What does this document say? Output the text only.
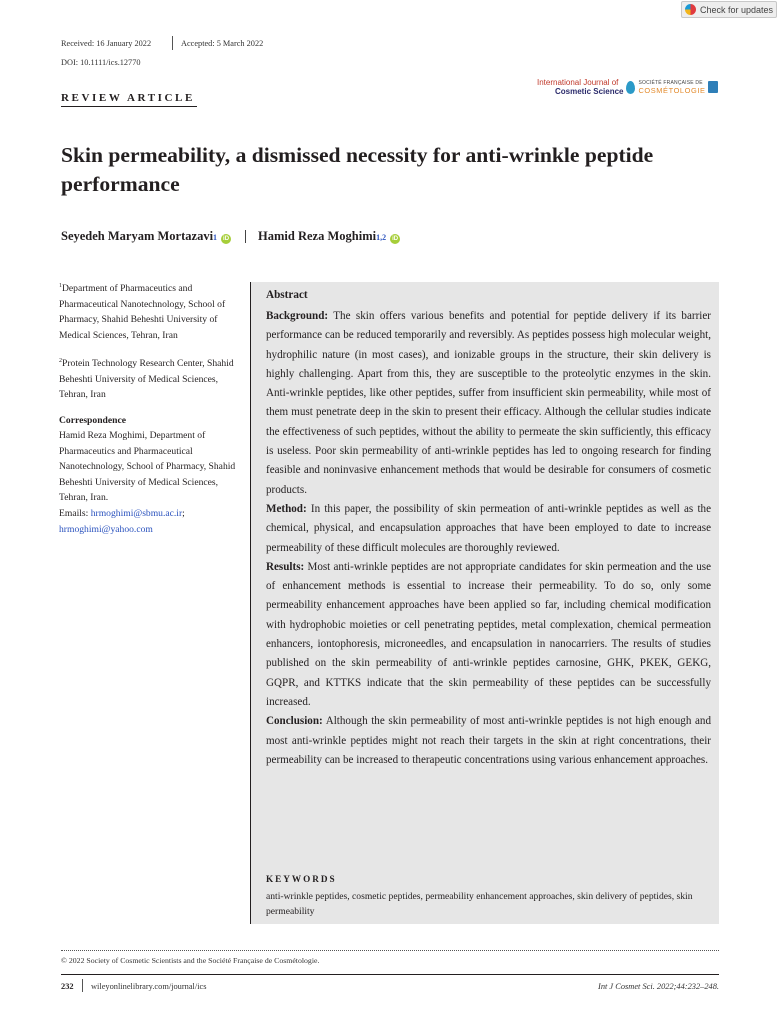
Check for updates
Received: 16 January 2022	Accepted: 5 March 2022
DOI: 10.1111/ics.12770
REVIEW ARTICLE
International Journal of
Cosmetic Science
SOCIÉTÉ FRANÇAISE DE
COSMÉTOLOGIE
Skin permeability, a dismissed necessity for anti-wrinkle peptide performance
Seyedeh Maryam Mortazavi 1	iD Hamid Reza Moghimi 1,2	iD
$^1$Department of Pharmaceutics and Pharmaceutical Nanotechnology, School of Pharmacy, Shahid Beheshti University of Medical Sciences, Tehran, Iran
$^2$Protein Technology Research Center, Shahid Beheshti University of Medical Sciences, Tehran, Iran
Correspondence
Hamid Reza Moghimi, Department of Pharmaceutics and Pharmaceutical Nanotechnology, School of Pharmacy, Shahid Beheshti University of Medical Sciences, Tehran, Iran.
Emails: hrmoghimi@sbmu.ac.ir;
hrmoghimi@yahoo.com
Abstract

Background: The skin offers various benefits and potential for peptide delivery if its barrier performance can be reduced temporarily and reversibly. As peptides possess high molecular weight, hydrophilic nature (in most cases), and ionizable groups in the structure, their skin delivery is highly challenging. Apart from this, they are susceptible to the proteolytic enzymes in the skin. Anti-wrinkle peptides, like other peptides, suffer from insufficient skin permeability, while most of them must penetrate deep in the skin to present their efficacy. Although the cellular studies indicate the effectiveness of such peptides, without the ability to permeate the skin sufficiently, this efficacy is useless. Poor skin permeability of anti-wrinkle peptides has led to ongoing research for finding feasible and noninvasive enhancement methods that would be desirable for consumers of cosmetic products.

Method: In this paper, the possibility of skin permeation of anti-wrinkle peptides as well as the chemical, physical, and encapsulation approaches that have been employed to date to increase permeability of these difficult molecules are thoroughly reviewed.

Results: Most anti-wrinkle peptides are not appropriate candidates for skin permeation and the use of enhancement methods is essential to increase their permeability. To do so, only some permeability enhancement approaches have been applied so far, including chemical modification with hydrophobic moieties or cell penetrating peptides, metal complexation, chemical permeation enhancers, iontophoresis, microneedles, and encapsulation in nanocarriers. The results of studies published on the skin permeability of anti-wrinkle peptides carnosine, GHK, PKEK, GEKG, GQPR, and KTTKS indicate that the skin permeability of these peptides can be successfully increased.

Conclusion: Although the skin permeability of most anti-wrinkle peptides is not high enough and most anti-wrinkle peptides might not reach their targets in the skin at right concentrations, their permeability can be increased to therapeutic concentrations using various enhancement approaches.

KEYWORDS
anti-wrinkle peptides, cosmetic peptides, permeability enhancement approaches, skin delivery of peptides, skin permeability
© 2022 Society of Cosmetic Scientists and the Société Française de Cosmétologie.
232 wileyonlinelibrary.com/journal/ics	Int J Cosmet Sci. 2022;44:232–248.
